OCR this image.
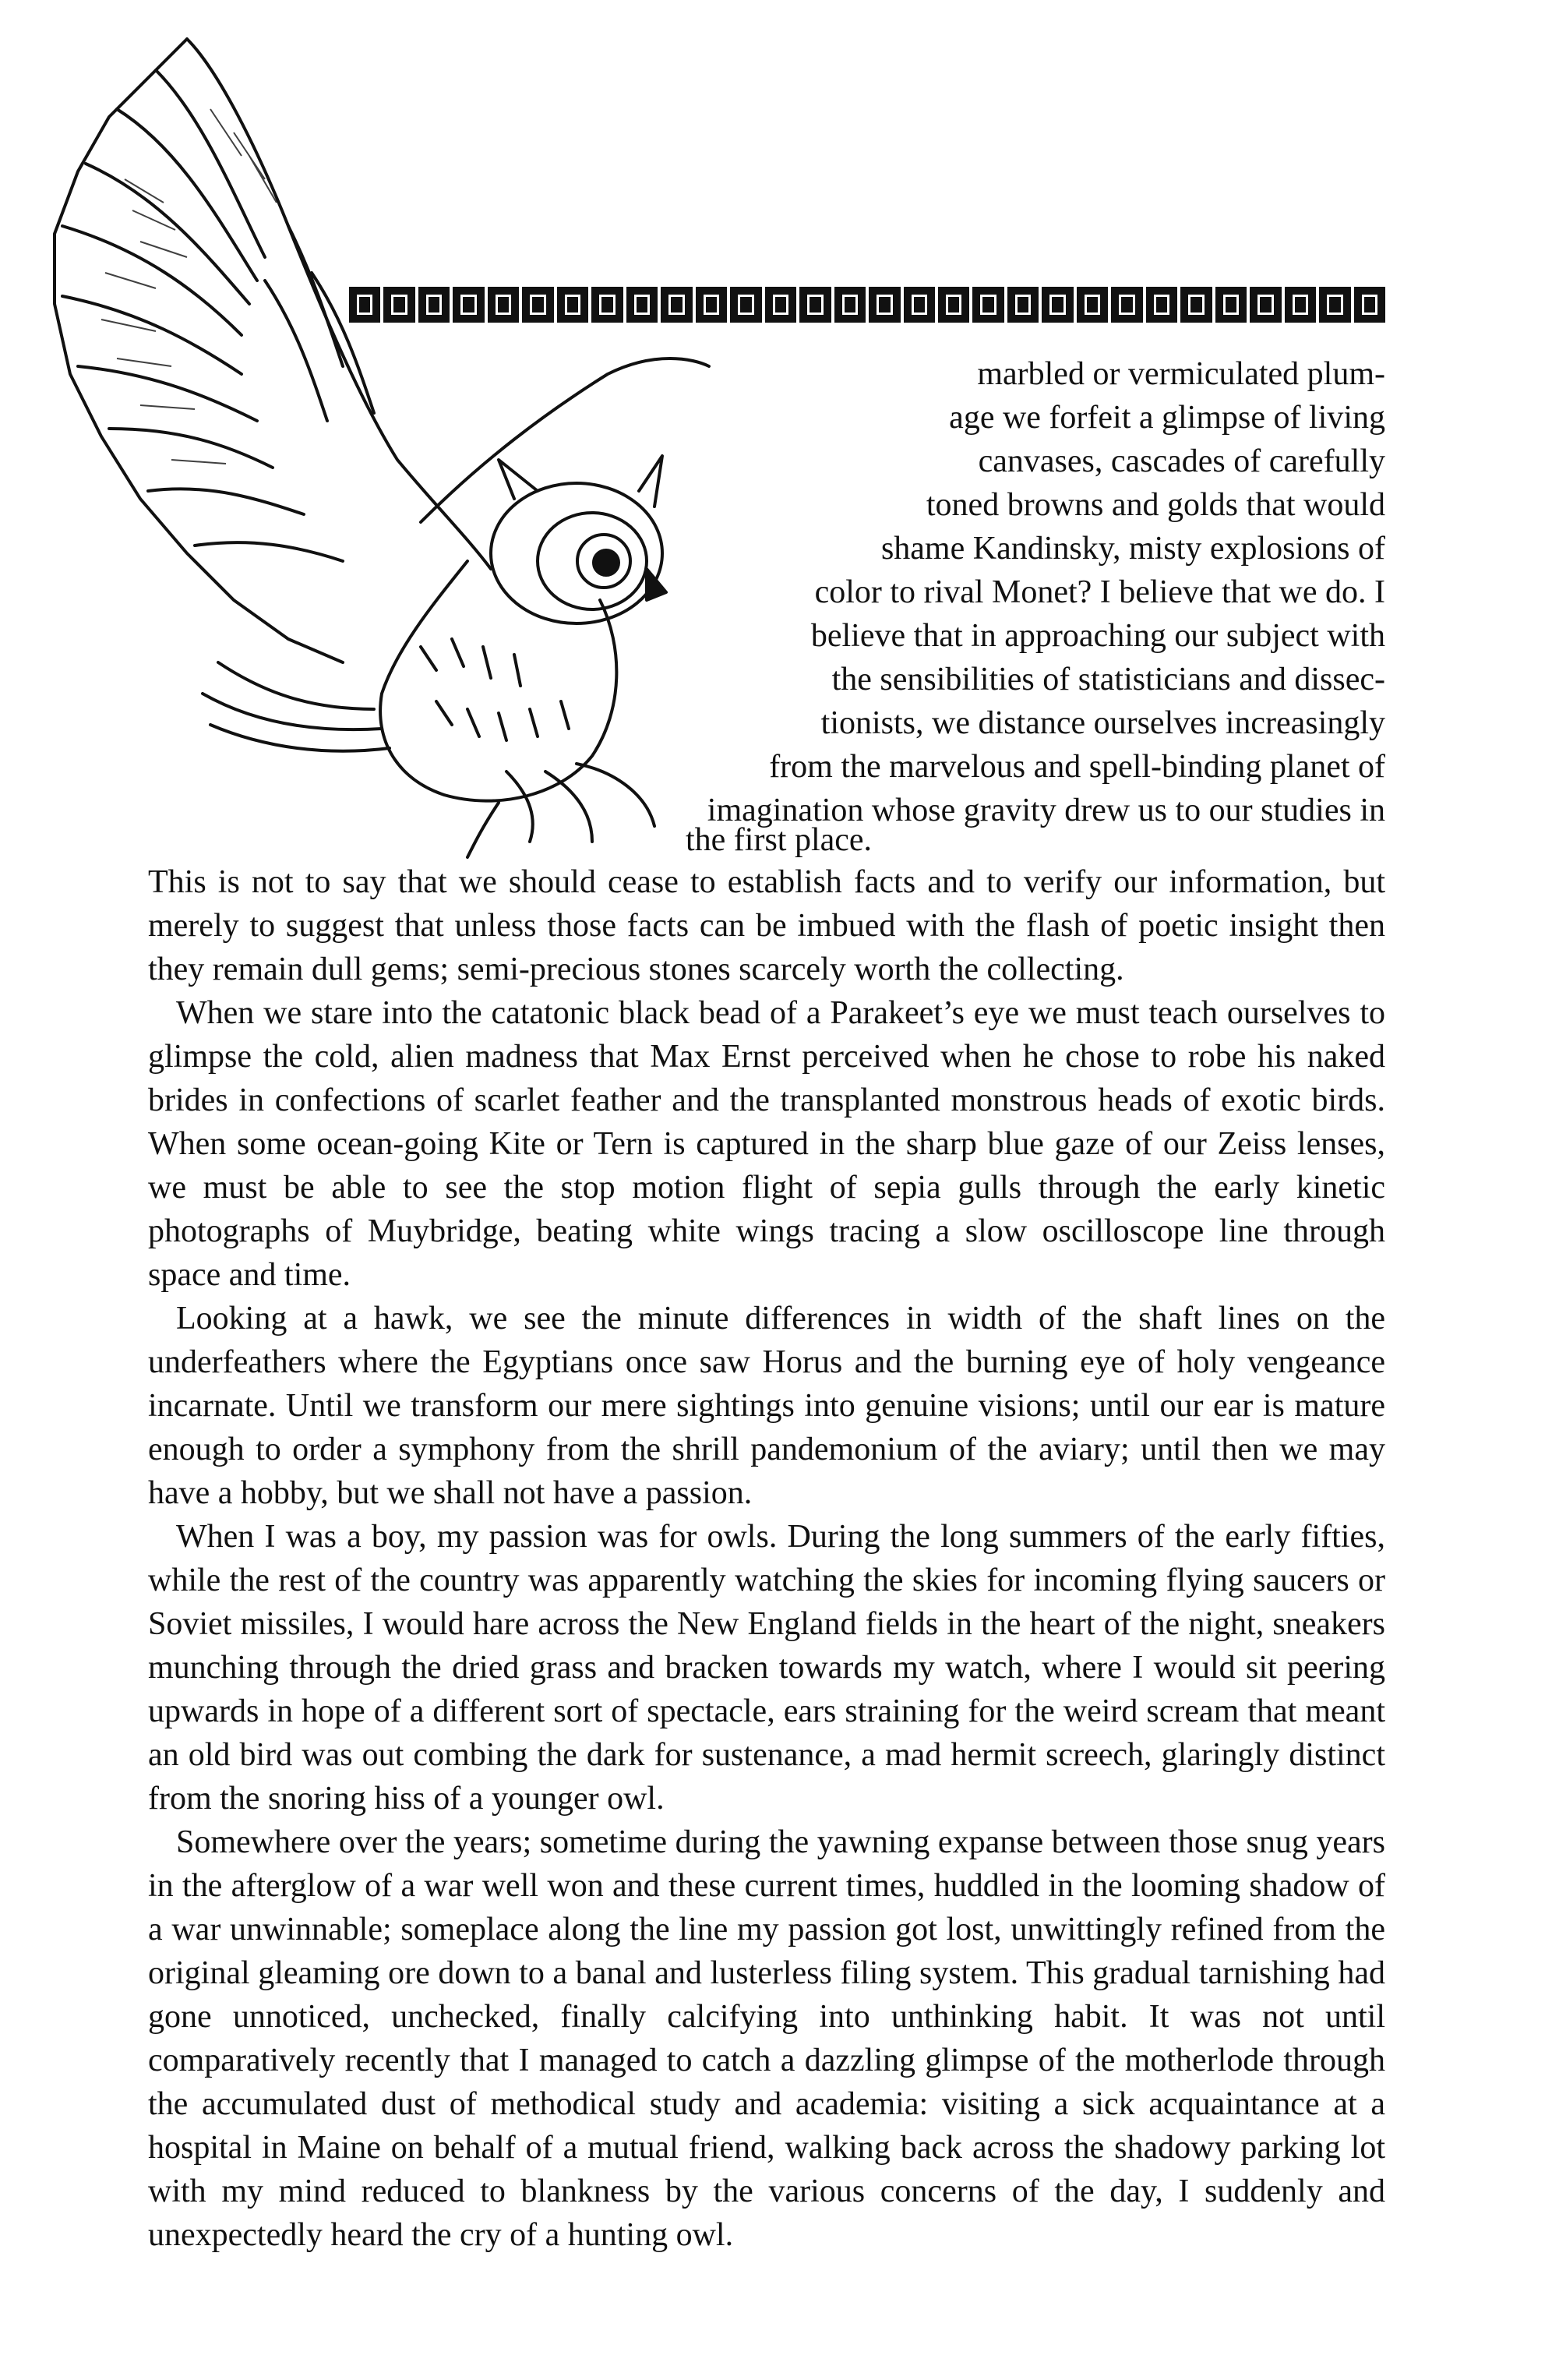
marbled or vermiculated plum-

age we forfeit a glimpse of living

canvases, cascades of carefully

toned browns and golds that would

shame Kandinsky, misty explosions of

color to rival Monet? I believe that we do. I

believe that in approaching our subject with

the sensibilities of statisticians and dissec-

tionists, we distance ourselves increasingly

from the marvelous and spell-binding planet of

imagination whose gravity drew us to our studies in

the first place.

This is not to say that we should cease to establish facts and to verify our information, but merely to suggest that unless those facts can be imbued with the flash of poetic insight then they remain dull gems; semi-precious stones scarcely worth the collecting.

When we stare into the catatonic black bead of a Parakeet’s eye we must teach ourselves to glimpse the cold, alien madness that Max Ernst perceived when he chose to robe his naked brides in confections of scarlet feather and the transplanted monstrous heads of exotic birds. When some ocean-going Kite or Tern is captured in the sharp blue gaze of our Zeiss lenses, we must be able to see the stop motion flight of sepia gulls through the early kinetic photographs of Muybridge, beating white wings tracing a slow oscilloscope line through space and time.

Looking at a hawk, we see the minute differences in width of the shaft lines on the underfeathers where the Egyptians once saw Horus and the burning eye of holy vengeance incarnate. Until we transform our mere sightings into genuine visions; until our ear is mature enough to order a symphony from the shrill pandemonium of the aviary; until then we may have a hobby, but we shall not have a passion.

When I was a boy, my passion was for owls. During the long summers of the early fifties, while the rest of the country was apparently watching the skies for incoming flying saucers or Soviet missiles, I would hare across the New England fields in the heart of the night, sneakers munching through the dried grass and bracken towards my watch, where I would sit peering upwards in hope of a different sort of spectacle, ears straining for the weird scream that meant an old bird was out combing the dark for sustenance, a mad hermit screech, glaringly distinct from the snoring hiss of a younger owl.

Somewhere over the years; sometime during the yawning expanse between those snug years in the afterglow of a war well won and these current times, huddled in the looming shadow of a war unwinnable; someplace along the line my passion got lost, unwittingly refined from the original gleaming ore down to a banal and lusterless filing system. This gradual tarnishing had gone unnoticed, unchecked, finally calcifying into unthinking habit. It was not until comparatively recently that I managed to catch a dazzling glimpse of the motherlode through the accumulated dust of methodical study and academia: visiting a sick acquaintance at a hospital in Maine on behalf of a mutual friend, walking back across the shadowy parking lot with my mind reduced to blankness by the various concerns of the day, I suddenly and unexpectedly heard the cry of a hunting owl.
